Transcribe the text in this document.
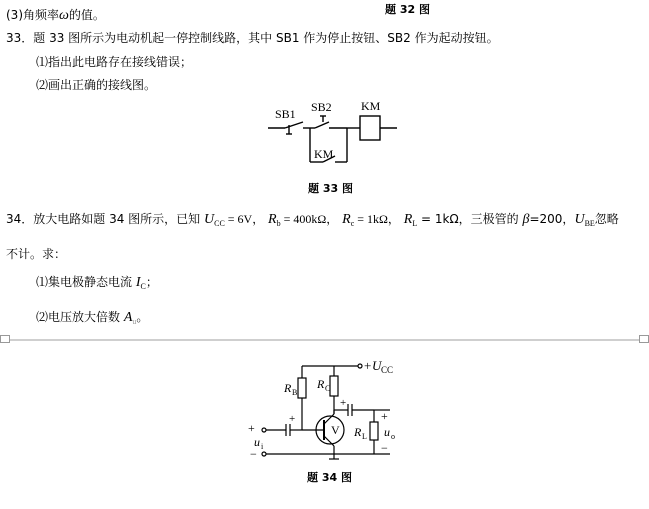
(3)角频率ω的值。	题 32 图
33．题 33 图所示为电动机起一停控制线路，其中 SB1 作为停止按钮、SB2 作为起动按钮。
⑴指出此电路存在接线错误；
⑵画出正确的接线图。
SB1 SB2 KM
KM
题 33 图
34．放大电路如题 34 图所示，已知 $U_{CC} = 6V$， $R_b = 400k\Omega$， $R_c = 1k\Omega$， $R_L = 1k\Omega$，三极管的 β=200，$U_{BE}$忽略
不计。求：
⑴集电极静态电流 $I_C$；
⑵电压放大倍数 $A_u$。
+ U CC
R B
R C
R L
V
+
−
u i
+
−
u o
+
+
题 34 图
